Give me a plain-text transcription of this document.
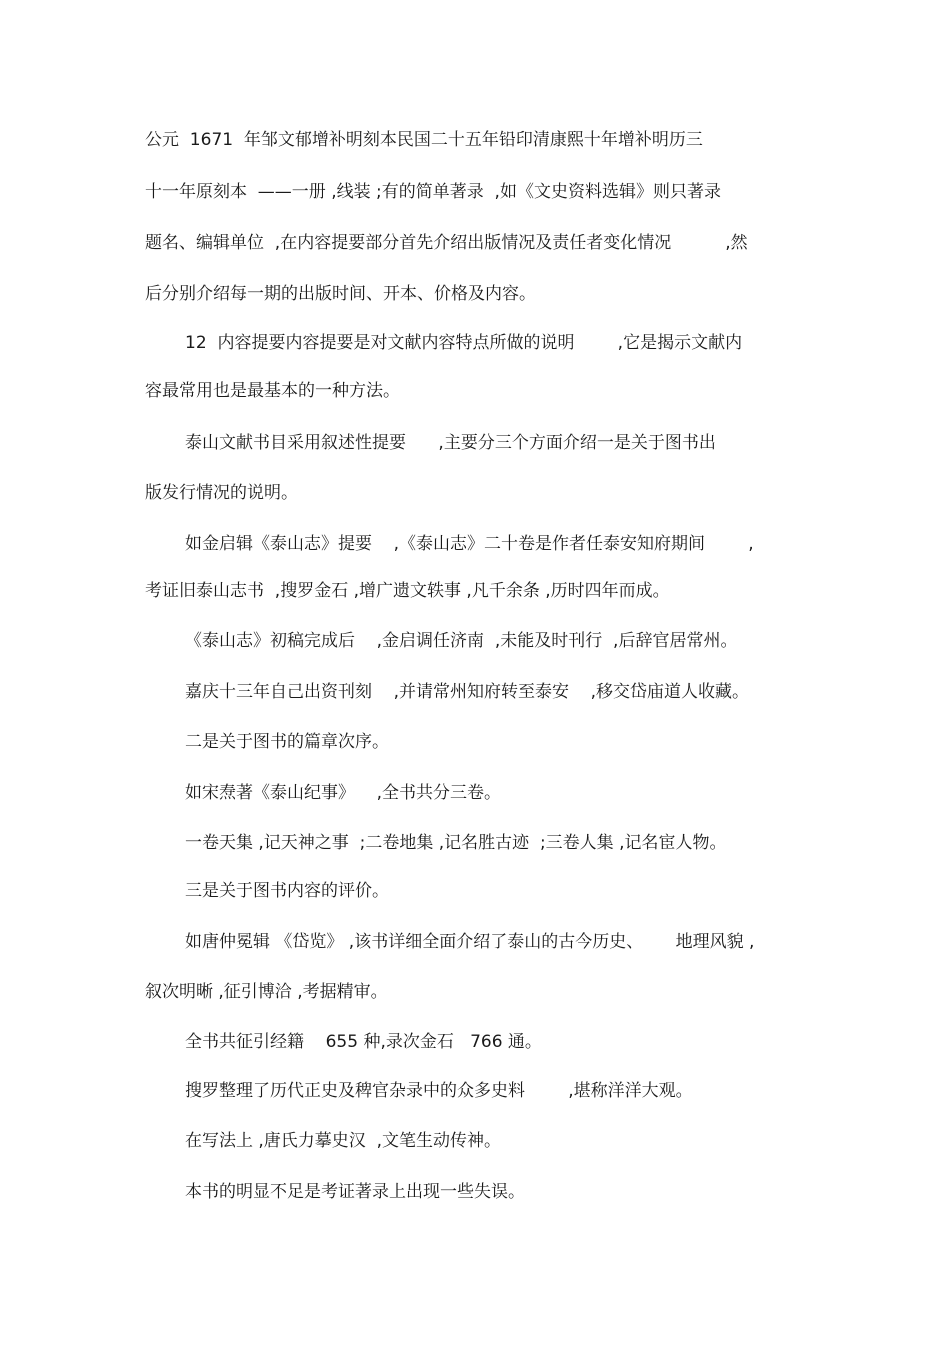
公元  1671  年邹文郁增补明刻本民国二十五年铅印清康熙十年增补明历三
十一年原刻本  ——一册 ,线装 ;有的简单著录  ,如《文史资料选辑》则只著录
题名、编辑单位  ,在内容提要部分首先介绍出版情况及责任者变化情况          ,然
后分别介绍每一期的出版时间、开本、价格及内容。
12  内容提要内容提要是对文献内容特点所做的说明        ,它是揭示文献内
容最常用也是最基本的一种方法。
泰山文献书目采用叙述性提要      ,主要分三个方面介绍一是关于图书出
版发行情况的说明。
如金启辑《泰山志》提要    ,《泰山志》二十卷是作者任泰安知府期间        ,
考证旧泰山志书  ,搜罗金石 ,增广遗文轶事 ,凡千余条 ,历时四年而成。
《泰山志》初稿完成后    ,金启调任济南  ,未能及时刊行  ,后辞官居常州。
嘉庆十三年自己出资刊刻    ,并请常州知府转至泰安    ,移交岱庙道人收藏。
二是关于图书的篇章次序。
如宋焘著《泰山纪事》    ,全书共分三卷。
一卷天集 ,记天神之事  ;二卷地集 ,记名胜古迹  ;三卷人集 ,记名宦人物。
三是关于图书内容的评价。
如唐仲冕辑 《岱览》 ,该书详细全面介绍了泰山的古今历史、      地理风貌 ,
叙次明晰 ,征引博洽 ,考据精审。
全书共征引经籍    655 种,录次金石   766 通。
搜罗整理了历代正史及稗官杂录中的众多史料        ,堪称洋洋大观。
在写法上 ,唐氏力摹史汉  ,文笔生动传神。
本书的明显不足是考证著录上出现一些失误。
